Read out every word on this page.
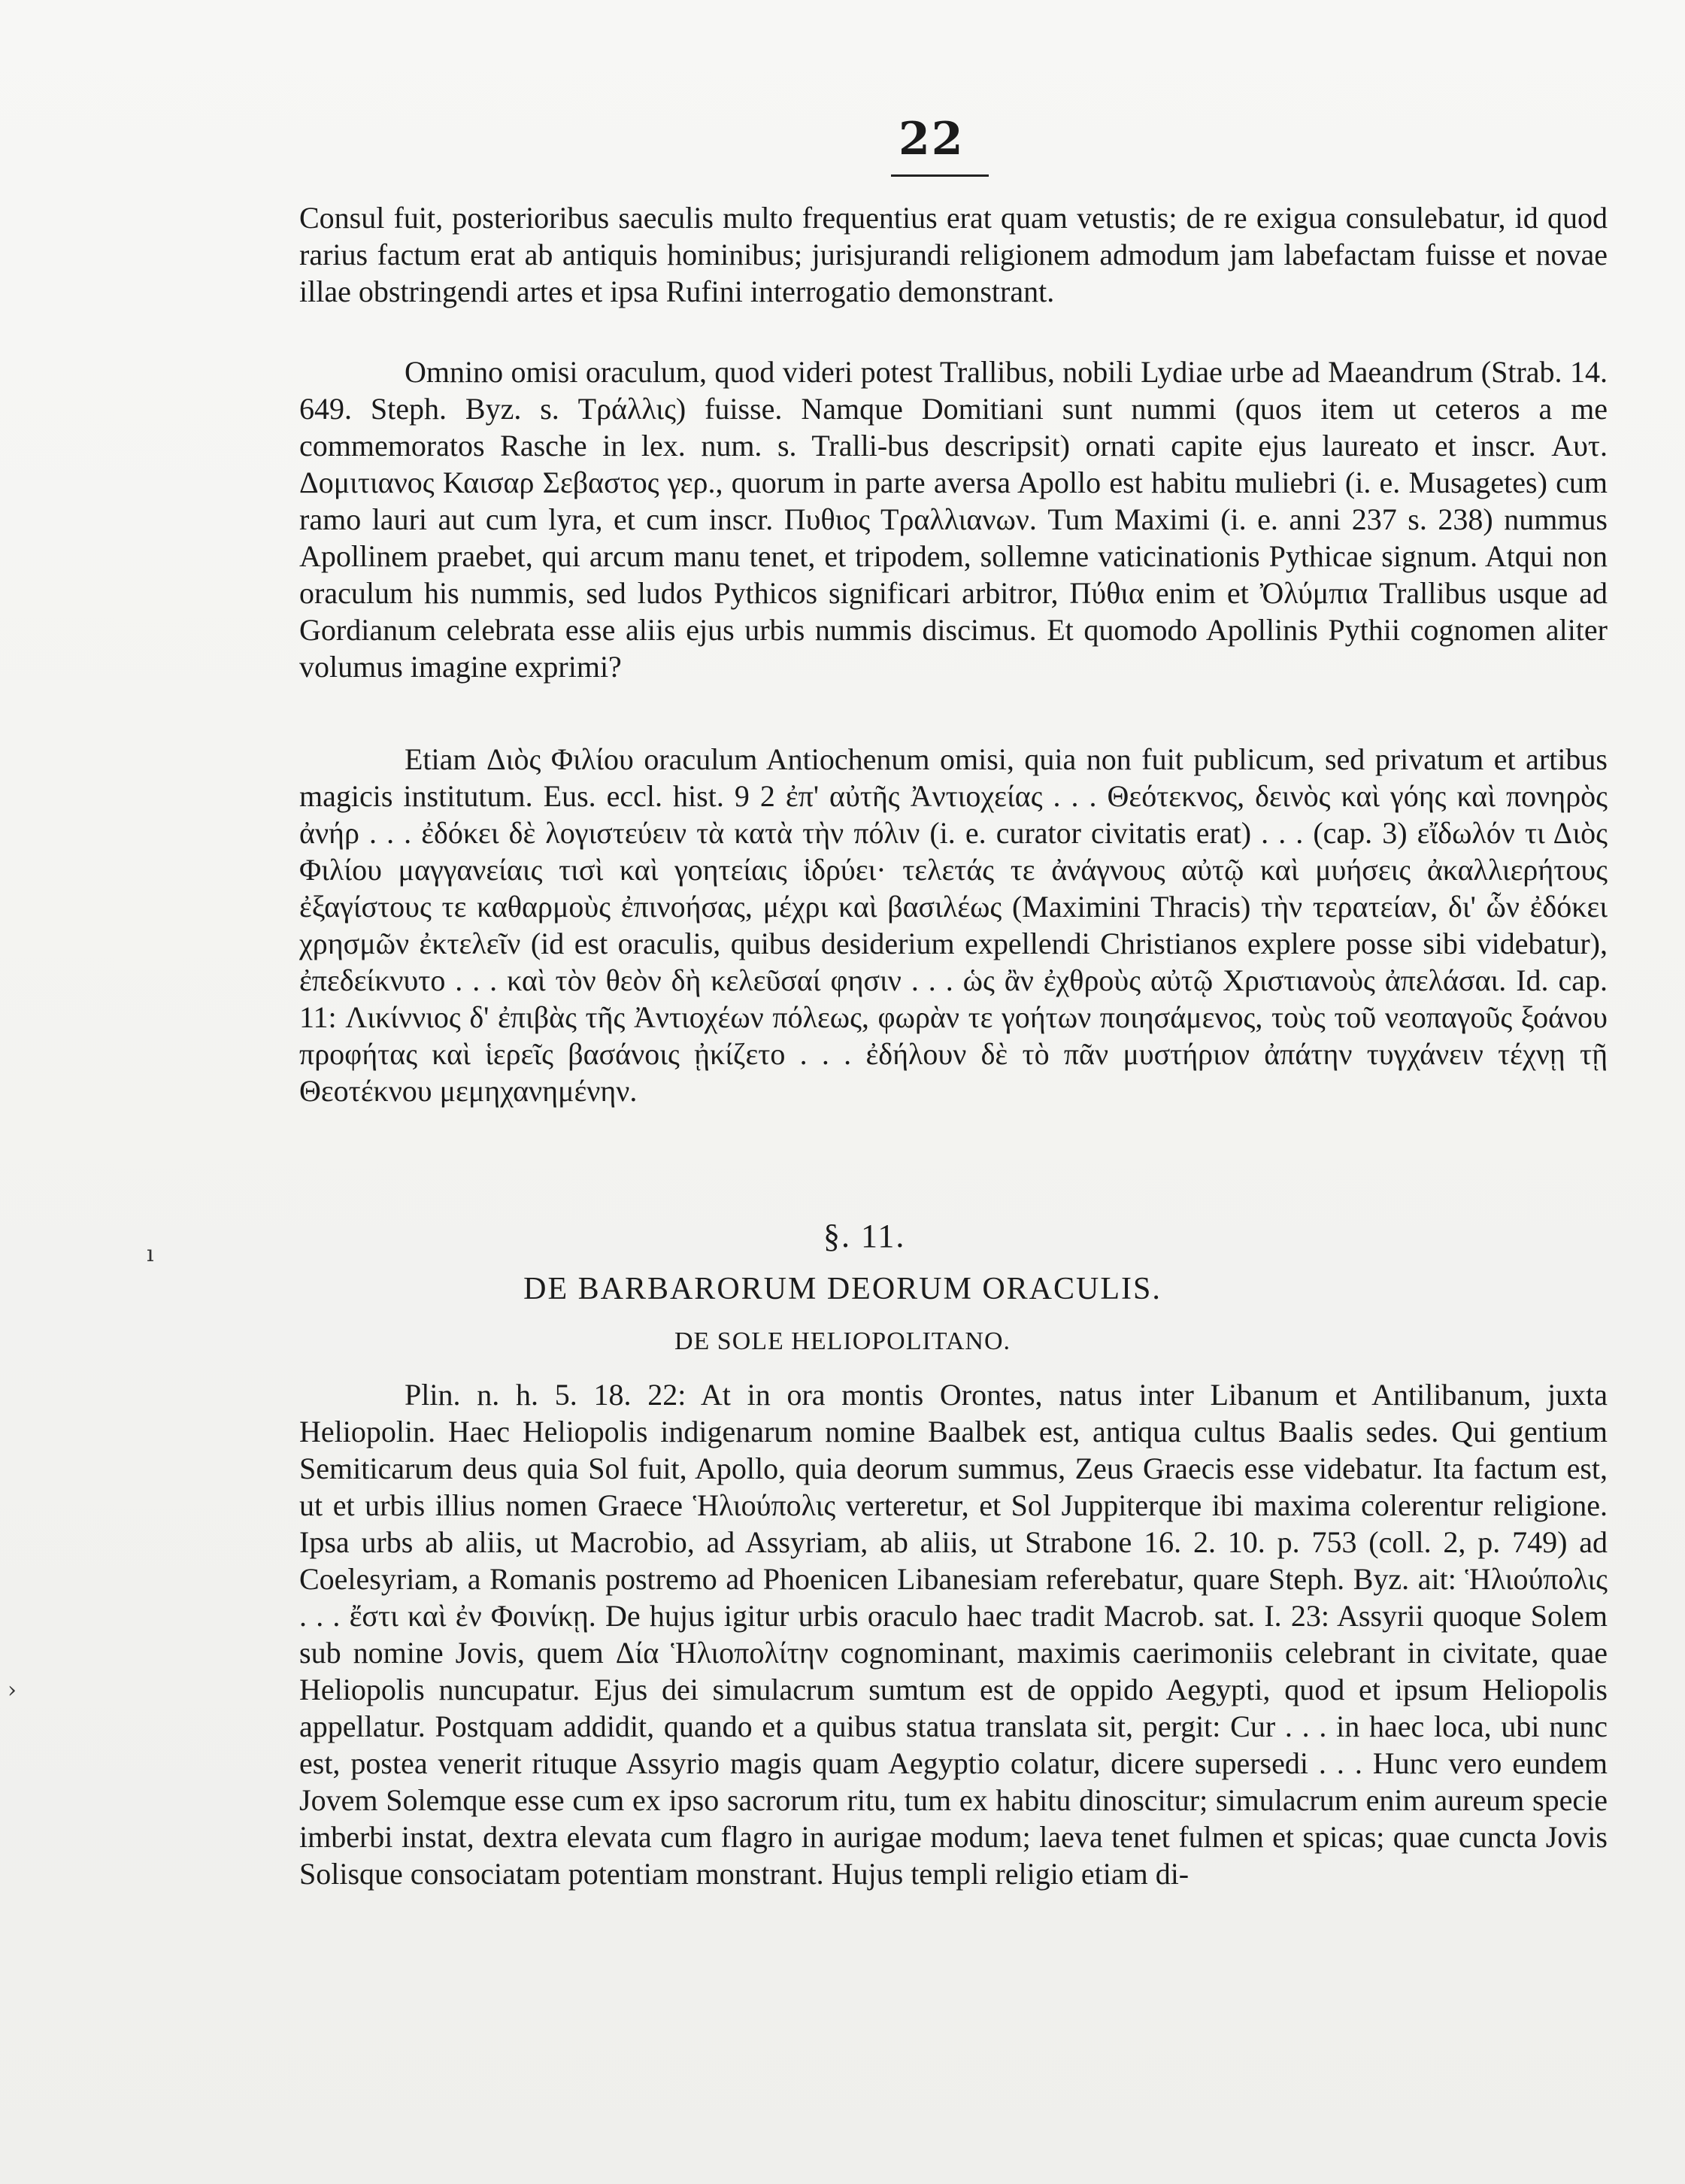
22

Consul fuit, posterioribus saeculis multo frequentius erat quam vetustis; de re exigua consulebatur, id quod rarius factum erat ab antiquis hominibus; jurisjurandi religionem admodum jam labefactam fuisse et novae illae obstringendi artes et ipsa Rufini interrogatio demonstrant.

Omnino omisi oraculum, quod videri potest Trallibus, nobili Lydiae urbe ad Maeandrum (Strab. 14. 649. Steph. Byz. s. Τράλλις) fuisse. Namque Domitiani sunt nummi (quos item ut ceteros a me commemoratos Rasche in lex. num. s. Tralli-bus descripsit) ornati capite ejus laureato et inscr. Αυτ. Δομιτιανος Καισαρ Σεβαστος γερ., quorum in parte aversa Apollo est habitu muliebri (i. e. Musagetes) cum ramo lauri aut cum lyra, et cum inscr. Πυθιος Τραλλιανων. Tum Maximi (i. e. anni 237 s. 238) nummus Apollinem praebet, qui arcum manu tenet, et tripodem, sollemne vaticinationis Pythicae signum. Atqui non oraculum his nummis, sed ludos Pythicos significari arbitror, Πύθια enim et Ὀλύμπια Trallibus usque ad Gordianum celebrata esse aliis ejus urbis nummis discimus. Et quomodo Apollinis Pythii cognomen aliter volumus imagine exprimi?

Etiam Διὸς Φιλίου oraculum Antiochenum omisi, quia non fuit publicum, sed privatum et artibus magicis institutum. Eus. eccl. hist. 9 2 ἐπ' αὐτῆς Ἀντιοχείας . . . Θεότεκνος, δεινὸς καὶ γόης καὶ πονηρὸς ἀνήρ . . . ἐδόκει δὲ λογιστεύειν τὰ κατὰ τὴν πόλιν (i. e. curator civitatis erat) . . . (cap. 3) εἴδωλόν τι Διὸς Φιλίου μαγγανείαις τισὶ καὶ γοητείαις ἱδρύει· τελετάς τε ἀνάγνους αὐτῷ καὶ μυήσεις ἀκαλλιερήτους ἐξαγίστους τε καθαρμοὺς ἐπινοήσας, μέχρι καὶ βασιλέως (Maximini Thracis) τὴν τερατείαν, δι' ὧν ἐδόκει χρησμῶν ἐκτελεῖν (id est oraculis, quibus desiderium expellendi Christianos explere posse sibi videbatur), ἐπεδείκνυτο . . . καὶ τὸν θεὸν δὴ κελεῦσαί φησιν . . . ὡς ἂν ἐχθροὺς αὐτῷ Χριστιανοὺς ἀπελάσαι. Id. cap. 11: Λικίννιος δ' ἐπιβὰς τῆς Ἀντιοχέων πόλεως, φωρὰν τε γοήτων ποιησάμενος, τοὺς τοῦ νεοπαγοῦς ξοάνου προφήτας καὶ ἱερεῖς βασάνοις ᾐκίζετο . . . ἐδήλουν δὲ τὸ πᾶν μυστήριον ἀπάτην τυγχάνειν τέχνῃ τῇ Θεοτέκνου μεμηχανημένην.

§. 11.
DE BARBARORUM DEORUM ORACULIS.
DE SOLE HELIOPOLITANO.

Plin. n. h. 5. 18. 22: At in ora montis Orontes, natus inter Libanum et Antilibanum, juxta Heliopolin. Haec Heliopolis indigenarum nomine Baalbek est, antiqua cultus Baalis sedes. Qui gentium Semiticarum deus quia Sol fuit, Apollo, quia deorum summus, Zeus Graecis esse videbatur. Ita factum est, ut et urbis illius nomen Graece Ἡλιούπολις verteretur, et Sol Juppiterque ibi maxima colerentur religione. Ipsa urbs ab aliis, ut Macrobio, ad Assyriam, ab aliis, ut Strabone 16. 2. 10. p. 753 (coll. 2, p. 749) ad Coelesyriam, a Romanis postremo ad Phoenicen Libanesiam referebatur, quare Steph. Byz. ait: Ἡλιούπολις . . . ἔστι καὶ ἐν Φοινίκῃ. De hujus igitur urbis oraculo haec tradit Macrob. sat. I. 23: Assyrii quoque Solem sub nomine Jovis, quem Δία Ἡλιοπολίτην cognominant, maximis caerimoniis celebrant in civitate, quae Heliopolis nuncupatur. Ejus dei simulacrum sumtum est de oppido Aegypti, quod et ipsum Heliopolis appellatur. Postquam addidit, quando et a quibus statua translata sit, pergit: Cur . . . in haec loca, ubi nunc est, postea venerit rituque Assyrio magis quam Aegyptio colatur, dicere supersedi . . . Hunc vero eundem Jovem Solemque esse cum ex ipso sacrorum ritu, tum ex habitu dinoscitur; simulacrum enim aureum specie imberbi instat, dextra elevata cum flagro in aurigae modum; laeva tenet fulmen et spicas; quae cuncta Jovis Solisque consociatam potentiam monstrant. Hujus templi religio etiam di-

ı
›
